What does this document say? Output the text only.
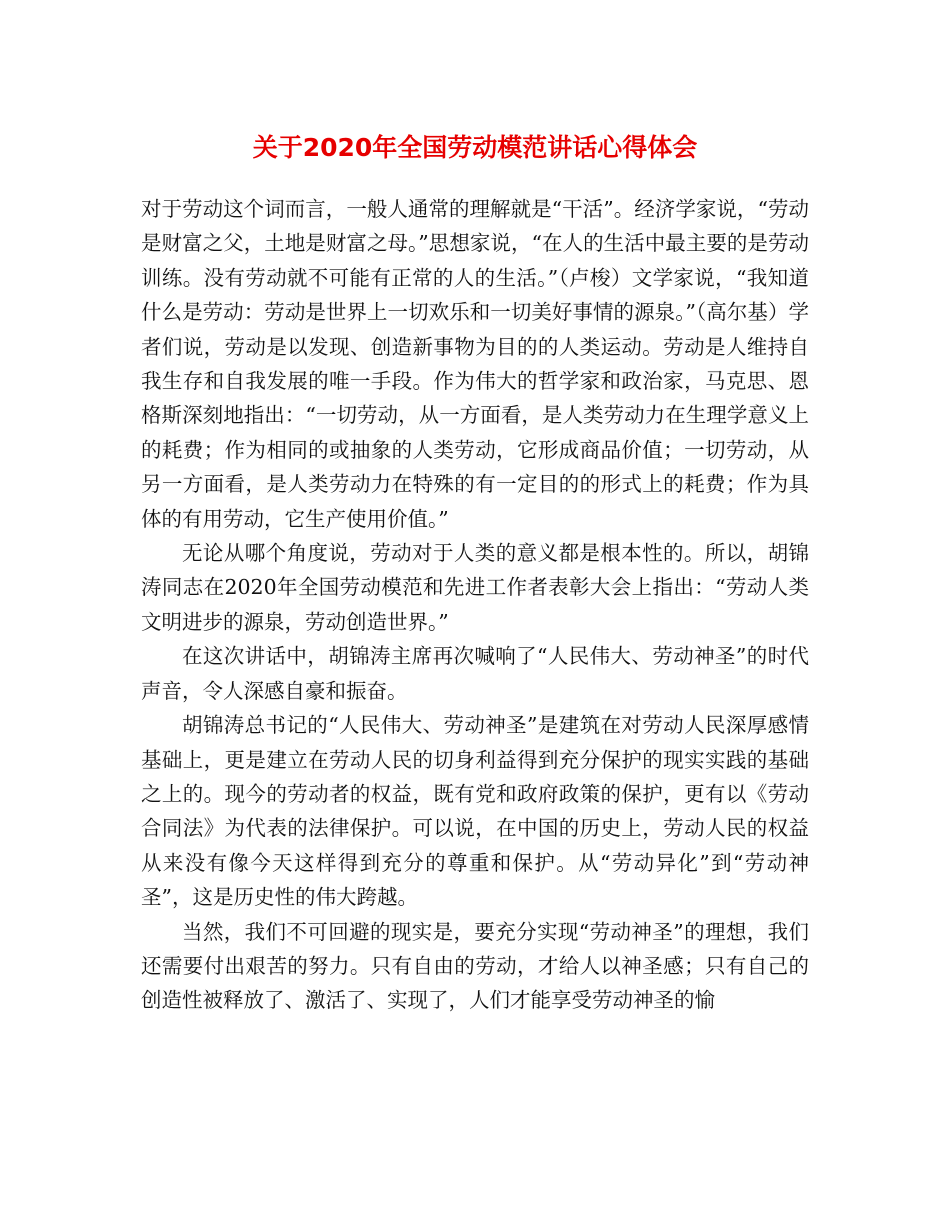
关于2020年全国劳动模范讲话心得体会

对于劳动这个词而言，一般人通常的理解就是“干活”。经济学家说，“劳动是财富之父，土地是财富之母。”思想家说，“在人的生活中最主要的是劳动训练。没有劳动就不可能有正常的人的生活。”（卢梭）文学家说，“我知道什么是劳动：劳动是世界上一切欢乐和一切美好事情的源泉。”（高尔基）学者们说，劳动是以发现、创造新事物为目的的人类运动。劳动是人维持自我生存和自我发展的唯一手段。作为伟大的哲学家和政治家，马克思、恩格斯深刻地指出：“一切劳动，从一方面看，是人类劳动力在生理学意义上的耗费；作为相同的或抽象的人类劳动，它形成商品价值；一切劳动，从另一方面看，是人类劳动力在特殊的有一定目的的形式上的耗费；作为具体的有用劳动，它生产使用价值。”

无论从哪个角度说，劳动对于人类的意义都是根本性的。所以，胡锦涛同志在2020年全国劳动模范和先进工作者表彰大会上指出：“劳动人类文明进步的源泉，劳动创造世界。”

在这次讲话中，胡锦涛主席再次喊响了“人民伟大、劳动神圣”的时代声音，令人深感自豪和振奋。

胡锦涛总书记的“人民伟大、劳动神圣”是建筑在对劳动人民深厚感情基础上，更是建立在劳动人民的切身利益得到充分保护的现实实践的基础之上的。现今的劳动者的权益，既有党和政府政策的保护，更有以《劳动合同法》为代表的法律保护。可以说，在中国的历史上，劳动人民的权益从来没有像今天这样得到充分的尊重和保护。从“劳动异化”到“劳动神圣”，这是历史性的伟大跨越。

当然，我们不可回避的现实是，要充分实现“劳动神圣”的理想，我们还需要付出艰苦的努力。只有自由的劳动，才给人以神圣感；只有自己的创造性被释放了、激活了、实现了，人们才能享受劳动神圣的愉
